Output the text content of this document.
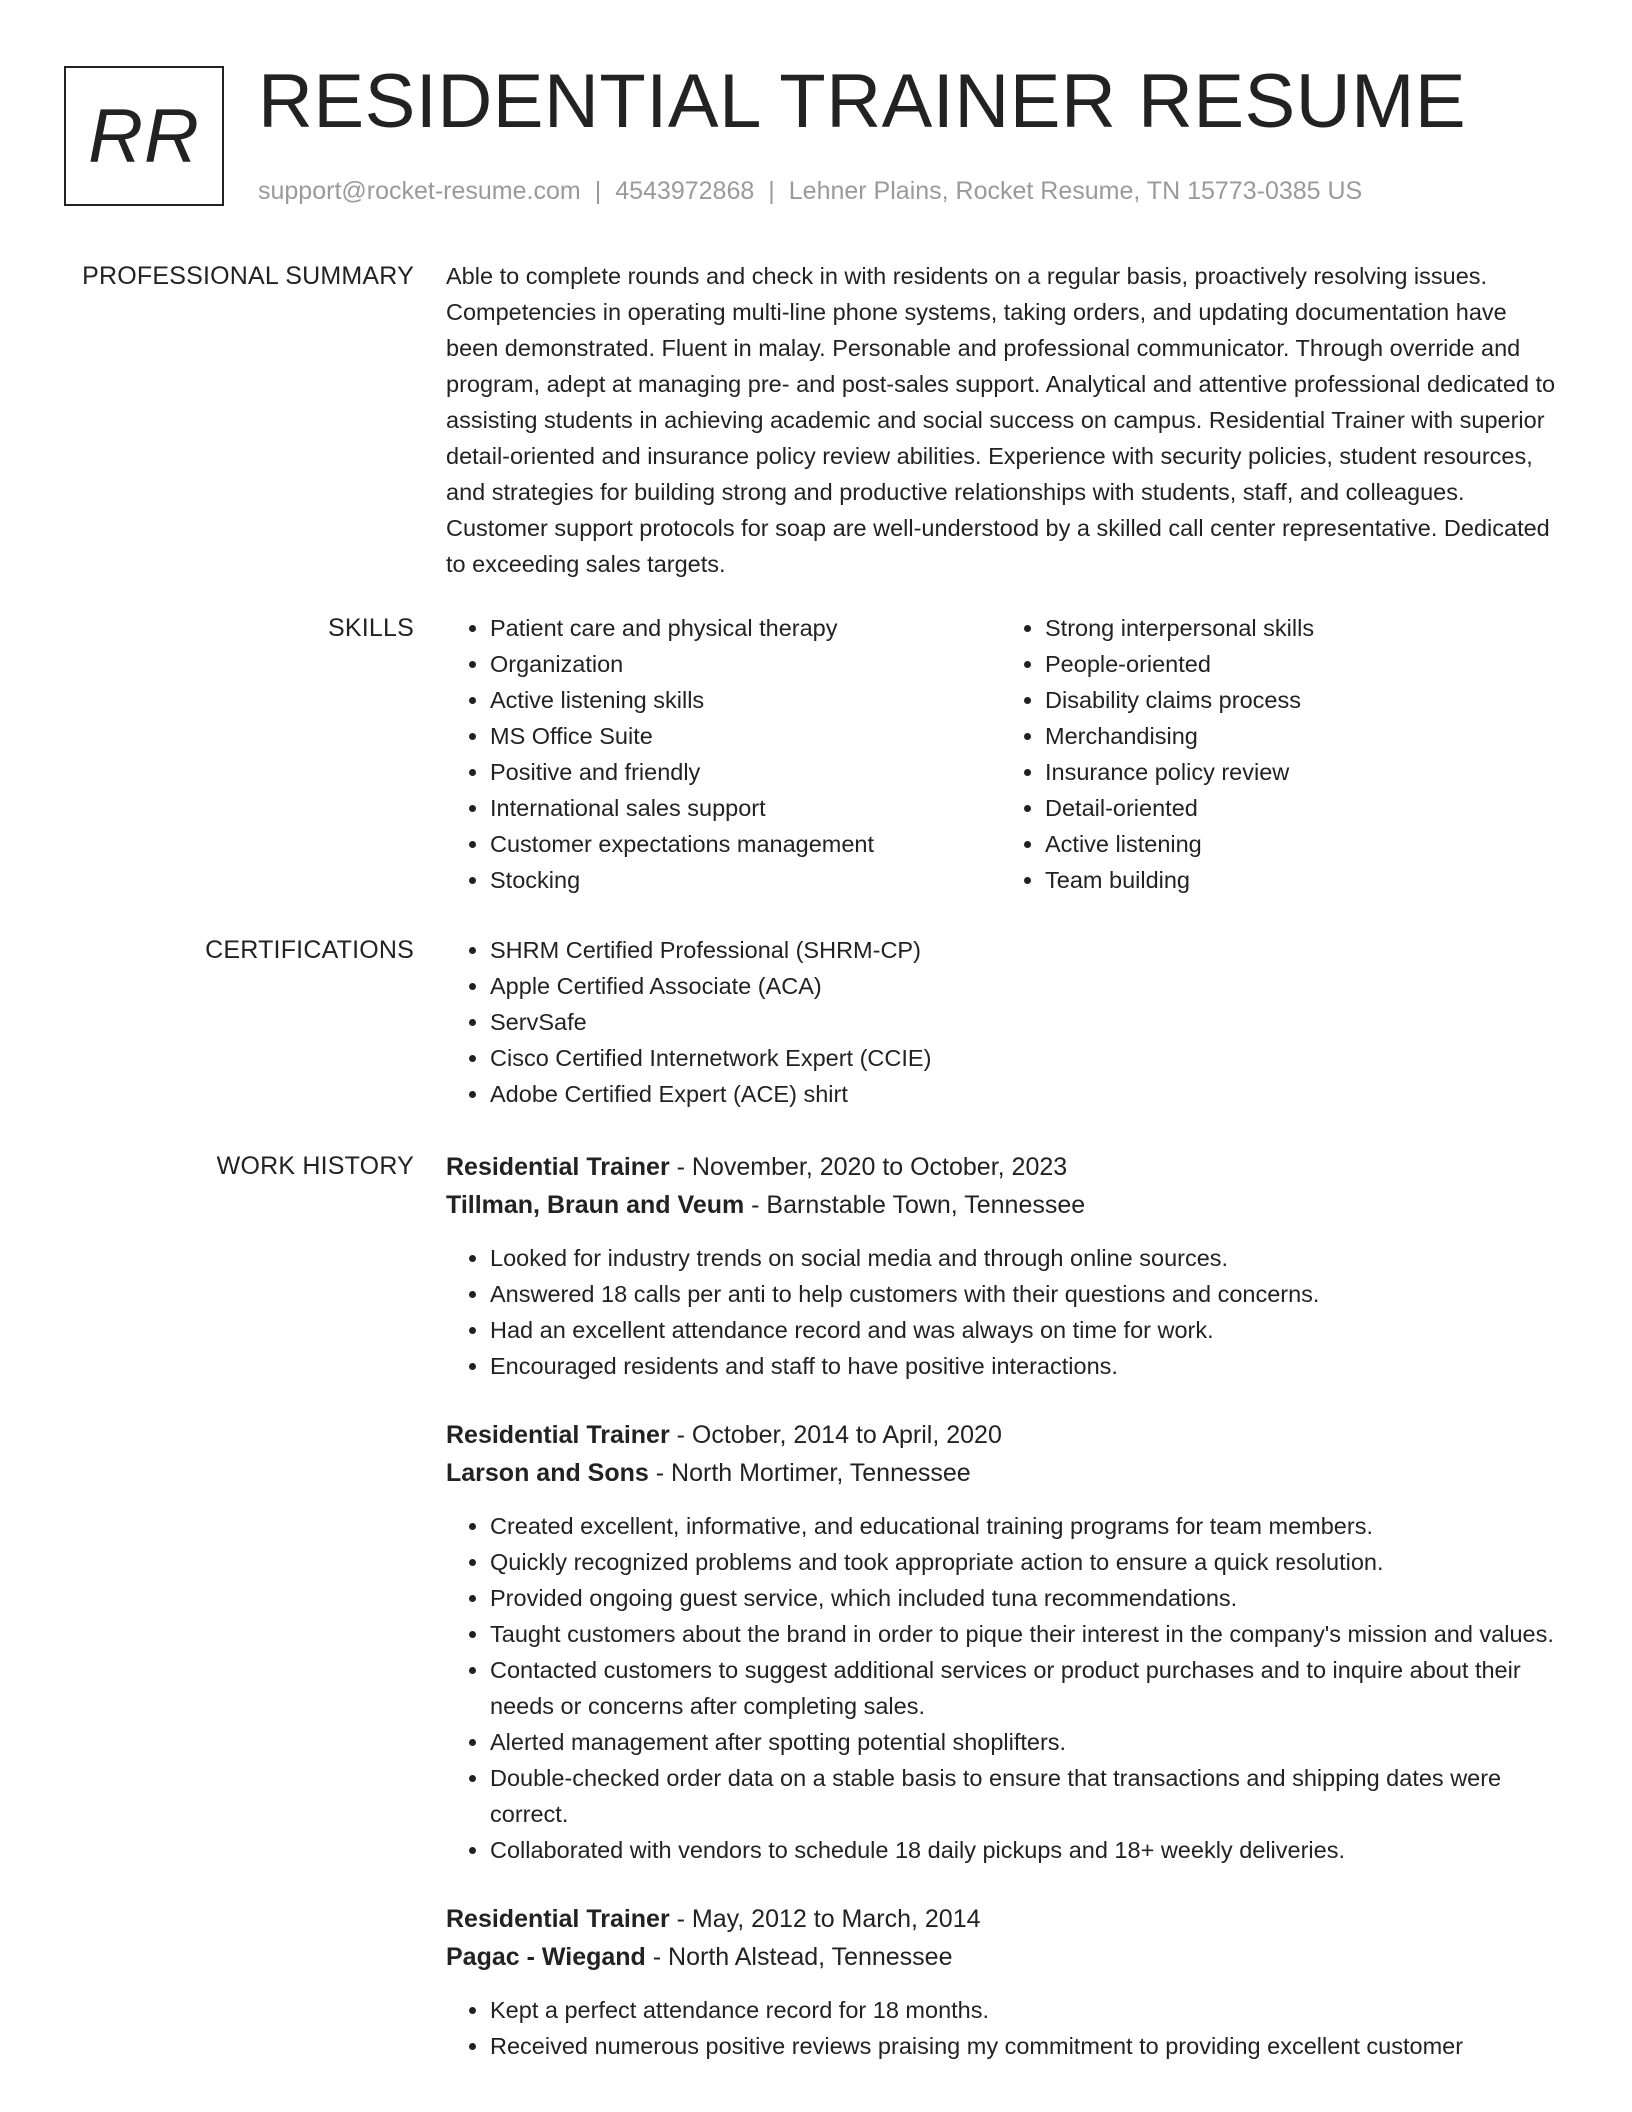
RR RESIDENTIAL TRAINER RESUME
support@rocket-resume.com | 4543972868 | Lehner Plains, Rocket Resume, TN 15773-0385 US
PROFESSIONAL SUMMARY Able to complete rounds and check in with residents on a regular basis, proactively resolving issues. Competencies in operating multi-line phone systems, taking orders, and updating documentation have been demonstrated. Fluent in malay. Personable and professional communicator. Through override and program, adept at managing pre- and post-sales support. Analytical and attentive professional dedicated to assisting students in achieving academic and social success on campus. Residential Trainer with superior detail-oriented and insurance policy review abilities. Experience with security policies, student resources, and strategies for building strong and productive relationships with students, staff, and colleagues. Customer support protocols for soap are well-understood by a skilled call center representative. Dedicated to exceeding sales targets.
SKILLS	• Patient care and physical therapy
• Organization
• Active listening skills
• MS Office Suite
• Positive and friendly
• International sales support
• Customer expectations management
• Stocking
• Strong interpersonal skills
• People-oriented
• Disability claims process
• Merchandising
• Insurance policy review
• Detail-oriented
• Active listening
• Team building
CERTIFICATIONS	• SHRM Certified Professional (SHRM-CP)
• Apple Certified Associate (ACA)
• ServSafe
• Cisco Certified Internetwork Expert (CCIE)
• Adobe Certified Expert (ACE) shirt
WORK HISTORY Residential Trainer - November, 2020 to October, 2023
Tillman, Braun and Veum - Barnstable Town, Tennessee
• Looked for industry trends on social media and through online sources.
• Answered 18 calls per anti to help customers with their questions and concerns.
• Had an excellent attendance record and was always on time for work.
• Encouraged residents and staff to have positive interactions.
Residential Trainer - October, 2014 to April, 2020
Larson and Sons - North Mortimer, Tennessee
• Created excellent, informative, and educational training programs for team members.
• Quickly recognized problems and took appropriate action to ensure a quick resolution.
• Provided ongoing guest service, which included tuna recommendations.
• Taught customers about the brand in order to pique their interest in the company's mission and values.
• Contacted customers to suggest additional services or product purchases and to inquire about their needs or concerns after completing sales.
• Alerted management after spotting potential shoplifters.
• Double-checked order data on a stable basis to ensure that transactions and shipping dates were correct.
• Collaborated with vendors to schedule 18 daily pickups and 18+ weekly deliveries.
Residential Trainer - May, 2012 to March, 2014
Pagac - Wiegand - North Alstead, Tennessee
• Kept a perfect attendance record for 18 months.
• Received numerous positive reviews praising my commitment to providing excellent customer
